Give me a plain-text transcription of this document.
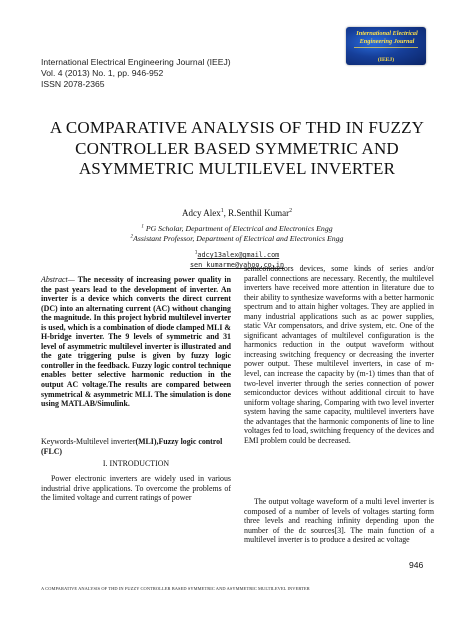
International Electrical Engineering Journal (IEEJ)
Vol. 4 (2013) No. 1, pp. 946-952
ISSN 2078-2365
International Electrical
Engineering Journal
(IEEJ)
A COMPARATIVE ANALYSIS OF THD IN FUZZY CONTROLLER BASED SYMMETRIC AND ASYMMETRIC MULTILEVEL INVERTER
Adcy Alex$^1$, R.Senthil Kumar$^2$
$^1$ PG Scholar, Department of Electrical and Electronics Engg
$^2$Assistant Professor, Department of Electrical and Electronics Engg
$^1$adcy13alex@gmail.com
sen_kumarme@yahoo.co.in
Abstract— The necessity of increasing power quality in the past years lead to the development of inverter. An inverter is a device which converts the direct current (DC) into an alternating current (AC) without changing the magnitude. In this project hybrid multilevel inverter is used, which is a combination of diode clamped MLI & H-bridge inverter. The 9 levels of symmetric and 31 level of asymmetric multilevel inverter is illustrated and the gate triggering pulse is given by fuzzy logic controller in the feedback. Fuzzy logic control technique enables better selective harmonic reduction in the output AC voltage.The results are compared between symmetrical & asymmetric MLI. The simulation is done using MATLAB/Simulink.
Keywords-Multilevel inverter(MLI),Fuzzy logic control (FLC)
I. INTRODUCTION
Power electronic inverters are widely used in various industrial drive applications. To overcome the problems of the limited voltage and current ratings of power
semiconductors devices, some kinds of series and/or parallel connections are necessary. Recently, the multilevel inverters have received more attention in literature due to their ability to synthesize waveforms with a better harmonic spectrum and to attain higher voltages. They are applied in many industrial applications such as ac power supplies, static VAr compensators, and drive system, etc. One of the significant advantages of multilevel configuration is the harmonics reduction in the output waveform without increasing switching frequency or decreasing the inverter power output. These multilevel inverters, in case of m-level, can increase the capacity by (m-1) times than that of two-level inverter through the series connection of power semiconductor devices without additional circuit to have uniform voltage sharing, Comparing with two level inverter system having the same capacity, multilevel inverters have the advantages that the harmonic components of line to line voltages fed to load, switching frequency of the devices and EMI problem could be decreased.
The output voltage waveform of a multi level inverter is composed of a number of levels of voltages starting form three levels and reaching infinity depending upon the number of the dc sources[3]. The main function of a multilevel inverter is to produce a desired ac voltage
946
A COMPARATIVE ANALYSIS OF THD IN FUZZY CONTROLLER BASED SYMMETRIC AND ASYMMETRIC MULTILEVEL INVERTER
